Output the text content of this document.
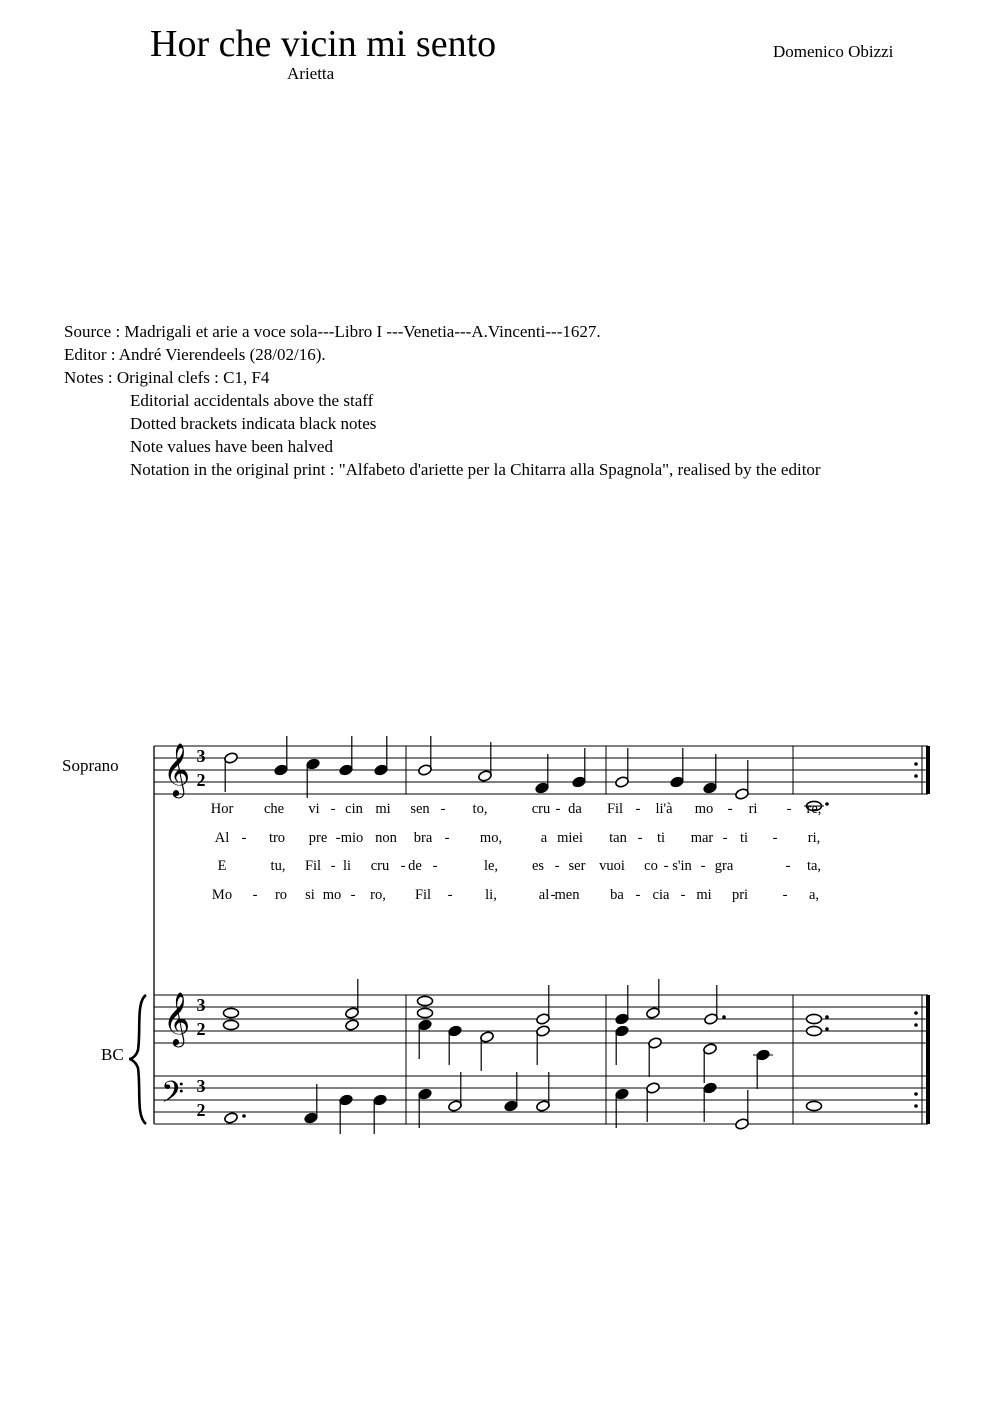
Hor che vicin mi sento
Arietta
Domenico Obizzi
Source : Madrigali et arie a voce sola---Libro I ---Venetia---A.Vincenti---1627.
Editor : André Vierendeels (28/02/16).
Notes : Original clefs : C1, F4
Editorial accidentals above the staff
Dotted brackets indicata black notes
Note values have been halved
Notation in the original print : "Alfabeto d'ariette per la Chitarra alla Spagnola", realised by the editor
Soprano
BC
𝄞
𝄞
𝄢
3
2
3
2
3
2
Hor che vi - cin mi sen - to,	cru - da Fil - li'à mo - ri - re,
Al - tro pre - mio non bra - mo,	a miei tan - ti mar - ti - ri,
E	tu, Fil - li cru - de -	le, es - ser vuoi co - s'in - gra	- ta,
Mo - ro si mo - ro, Fil - li,	al - men ba - cia - mi pri - a,
